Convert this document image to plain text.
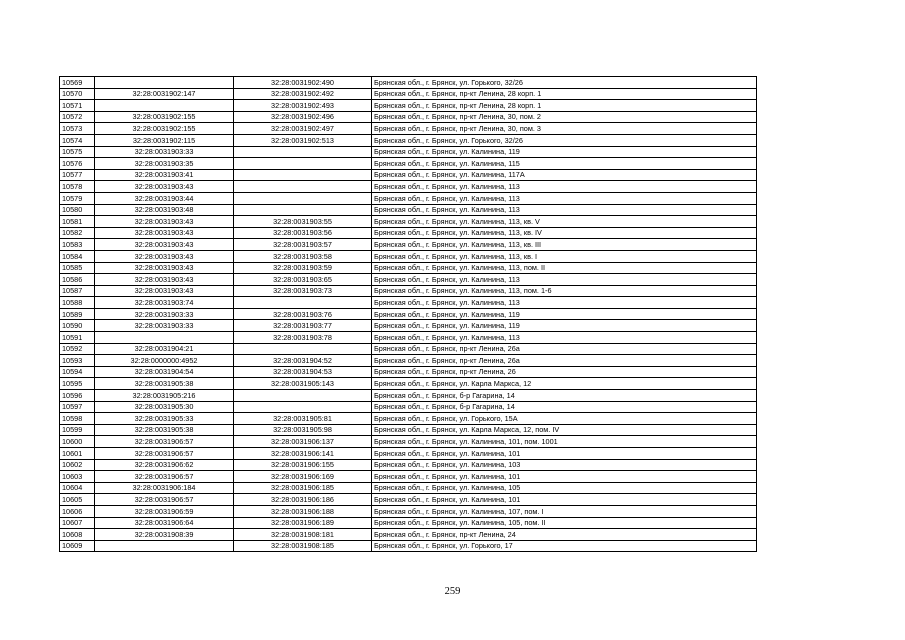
10569		32:28:0031902:490	Брянская обл., г. Брянск, ул. Горького, 32/26
10570	32:28:0031902:147	32:28:0031902:492	Брянская обл., г. Брянск, пр-кт Ленина, 28 корп. 1
10571		32:28:0031902:493	Брянская обл., г. Брянск, пр-кт Ленина, 28 корп. 1
10572	32:28:0031902:155	32:28:0031902:496	Брянская обл., г. Брянск, пр-кт Ленина, 30, пом. 2
10573	32:28:0031902:155	32:28:0031902:497	Брянская обл., г. Брянск, пр-кт Ленина, 30, пом. 3
10574	32:28:0031902:115	32:28:0031902:513	Брянская обл., г. Брянск, ул. Горького, 32/26
10575	32:28:0031903:33		Брянская обл., г. Брянск, ул. Калинина, 119
10576	32:28:0031903:35		Брянская обл., г. Брянск, ул. Калинина, 115
10577	32:28:0031903:41		Брянская обл., г. Брянск, ул. Калинина, 117А
10578	32:28:0031903:43		Брянская обл., г. Брянск, ул. Калинина, 113
10579	32:28:0031903:44		Брянская обл., г. Брянск, ул. Калинина, 113
10580	32:28:0031903:48		Брянская обл., г. Брянск, ул. Калинина, 113
10581	32:28:0031903:43	32:28:0031903:55	Брянская обл., г. Брянск, ул. Калинина, 113, кв. V
10582	32:28:0031903:43	32:28:0031903:56	Брянская обл., г. Брянск, ул. Калинина, 113, кв. IV
10583	32:28:0031903:43	32:28:0031903:57	Брянская обл., г. Брянск, ул. Калинина, 113, кв. III
10584	32:28:0031903:43	32:28:0031903:58	Брянская обл., г. Брянск, ул. Калинина, 113, кв. I
10585	32:28:0031903:43	32:28:0031903:59	Брянская обл., г. Брянск, ул. Калинина, 113, пом. II
10586	32:28:0031903:43	32:28:0031903:65	Брянская обл., г. Брянск, ул. Калинина, 113
10587	32:28:0031903:43	32:28:0031903:73	Брянская обл., г. Брянск, ул. Калинина, 113, пом. 1-6
10588	32:28:0031903:74		Брянская обл., г. Брянск, ул. Калинина, 113
10589	32:28:0031903:33	32:28:0031903:76	Брянская обл., г. Брянск, ул. Калинина, 119
10590	32:28:0031903:33	32:28:0031903:77	Брянская обл., г. Брянск, ул. Калинина, 119
10591		32:28:0031903:78	Брянская обл., г. Брянск, ул. Калинина, 113
10592	32:28:0031904:21		Брянская обл., г. Брянск, пр-кт Ленина, 26а
10593	32:28:0000000:4952	32:28:0031904:52	Брянская обл., г. Брянск, пр-кт Ленина, 26а
10594	32:28:0031904:54	32:28:0031904:53	Брянская обл., г. Брянск, пр-кт Ленина, 26
10595	32:28:0031905:38	32:28:0031905:143	Брянская обл., г. Брянск, ул. Карла Маркса, 12
10596	32:28:0031905:216		Брянская обл., г. Брянск, б-р Гагарина, 14
10597	32:28:0031905:30		Брянская обл., г. Брянск, б-р Гагарина, 14
10598	32:28:0031905:33	32:28:0031905:81	Брянская обл., г. Брянск, ул. Горького, 15А
10599	32:28:0031905:38	32:28:0031905:98	Брянская обл., г. Брянск, ул. Карла Маркса, 12, пом. IV
10600	32:28:0031906:57	32:28:0031906:137	Брянская обл., г. Брянск, ул. Калинина, 101, пом. 1001
10601	32:28:0031906:57	32:28:0031906:141	Брянская обл., г. Брянск, ул. Калинина, 101
10602	32:28:0031906:62	32:28:0031906:155	Брянская обл., г. Брянск, ул. Калинина, 103
10603	32:28:0031906:57	32:28:0031906:169	Брянская обл., г. Брянск, ул. Калинина, 101
10604	32:28:0031906:184	32:28:0031906:185	Брянская обл., г. Брянск, ул. Калинина, 105
10605	32:28:0031906:57	32:28:0031906:186	Брянская обл., г. Брянск, ул. Калинина, 101
10606	32:28:0031906:59	32:28:0031906:188	Брянская обл., г. Брянск, ул. Калинина, 107, пом. I
10607	32:28:0031906:64	32:28:0031906:189	Брянская обл., г. Брянск, ул. Калинина, 105, пом. II
10608	32:28:0031908:39	32:28:0031908:181	Брянская обл., г. Брянск, пр-кт Ленина, 24
10609		32:28:0031908:185	Брянская обл., г. Брянск, ул. Горького, 17
259
